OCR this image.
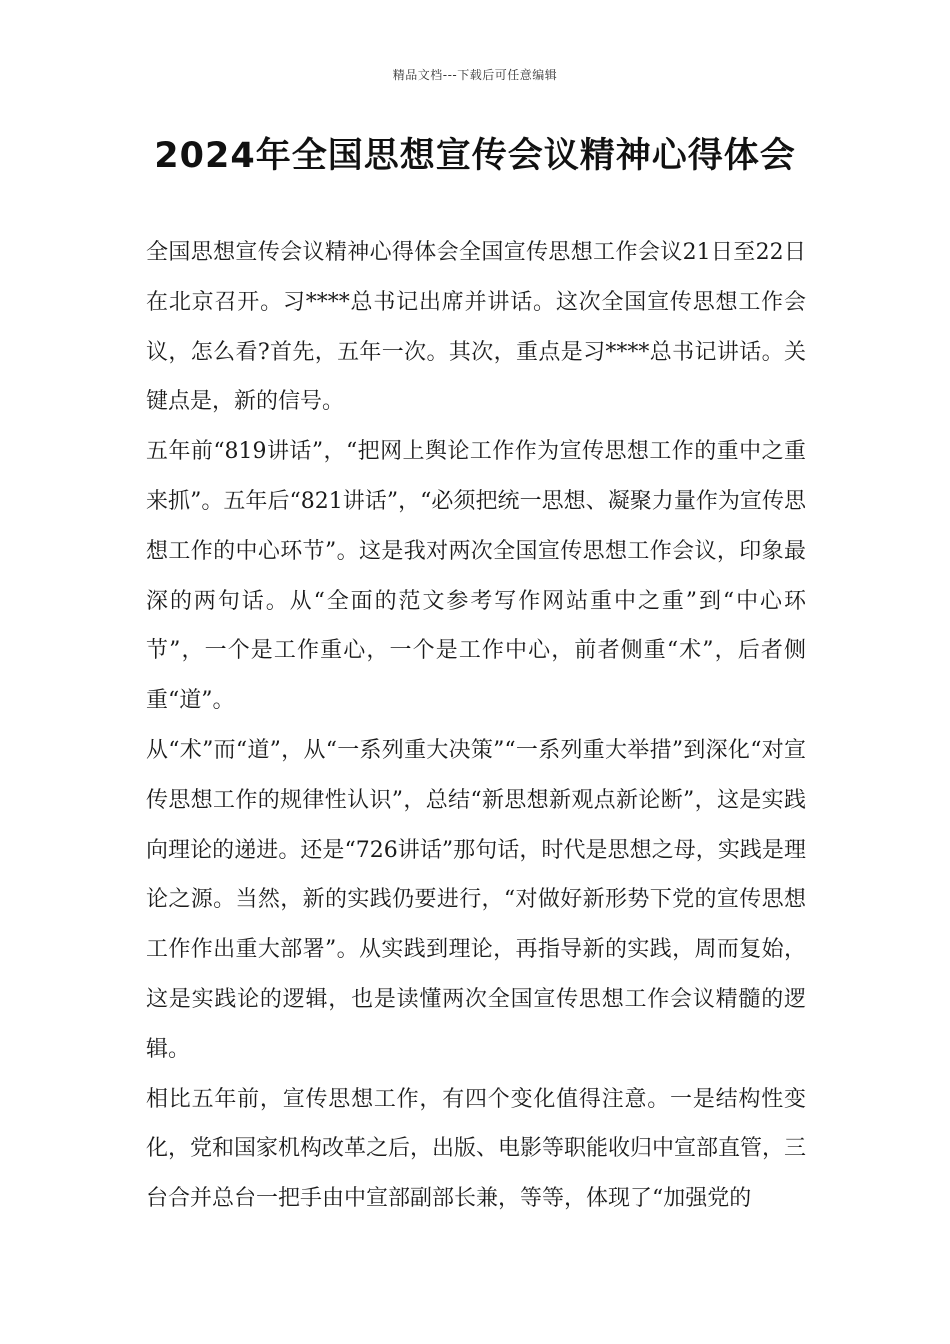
精品文档---下载后可任意编辑
2024年全国思想宣传会议精神心得体会

全国思想宣传会议精神心得体会全国宣传思想工作会议21日至22日在北京召开。习****总书记出席并讲话。这次全国宣传思想工作会议，怎么看?首先，五年一次。其次，重点是习****总书记讲话。关键点是，新的信号。

五年前“819讲话”，“把网上舆论工作作为宣传思想工作的重中之重来抓”。五年后“821讲话”，“必须把统一思想、凝聚力量作为宣传思想工作的中心环节”。这是我对两次全国宣传思想工作会议，印象最深的两句话。从“全面的范文参考写作网站重中之重”到“中心环节”，一个是工作重心，一个是工作中心，前者侧重“术”，后者侧重“道”。

从“术”而“道”，从“一系列重大决策”“一系列重大举措”到深化“对宣传思想工作的规律性认识”，总结“新思想新观点新论断”，这是实践向理论的递进。还是“726讲话”那句话，时代是思想之母，实践是理论之源。当然，新的实践仍要进行，“对做好新形势下党的宣传思想工作作出重大部署”。从实践到理论，再指导新的实践，周而复始，这是实践论的逻辑，也是读懂两次全国宣传思想工作会议精髓的逻辑。

相比五年前，宣传思想工作，有四个变化值得注意。一是结构性变化，党和国家机构改革之后，出版、电影等职能收归中宣部直管，三台合并总台一把手由中宣部副部长兼，等等，体现了“加强党的
